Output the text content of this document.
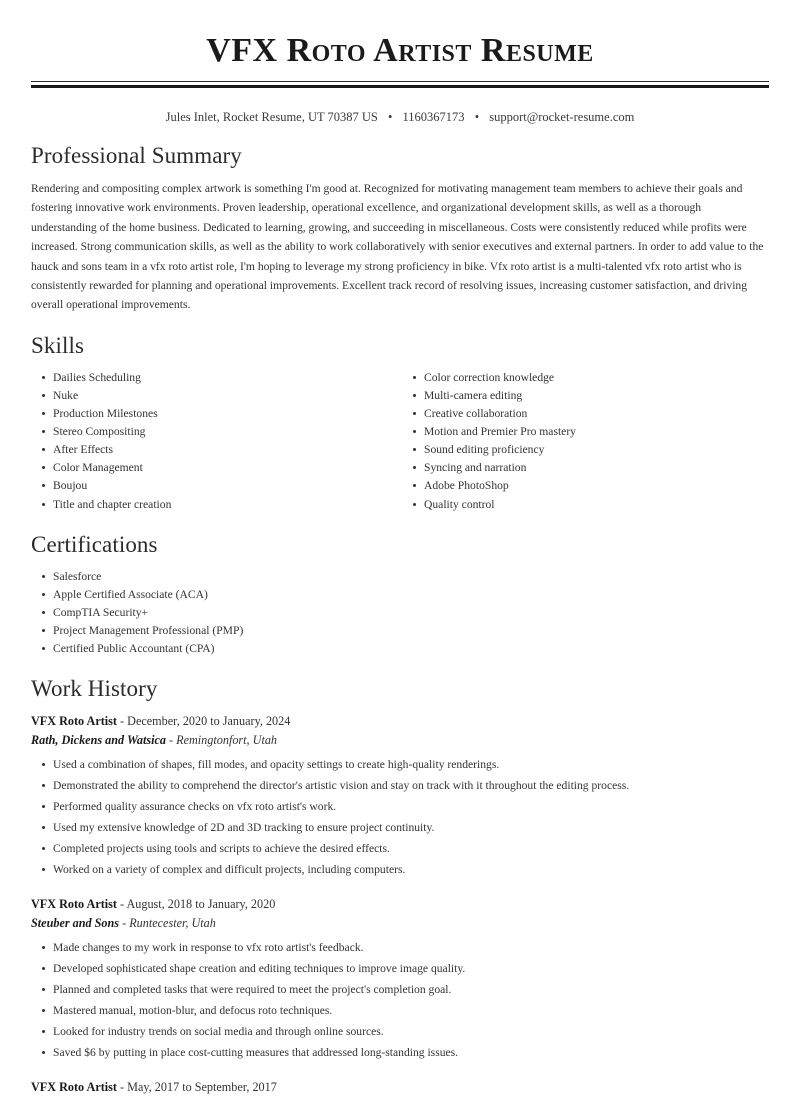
VFX Roto Artist Resume
Jules Inlet, Rocket Resume, UT 70387 US • 1160367173 • support@rocket-resume.com
Professional Summary

Rendering and compositing complex artwork is something I'm good at. Recognized for motivating management team members to achieve their goals and fostering innovative work environments. Proven leadership, operational excellence, and organizational development skills, as well as a thorough understanding of the home business. Dedicated to learning, growing, and succeeding in miscellaneous. Costs were consistently reduced while profits were increased. Strong communication skills, as well as the ability to work collaboratively with senior executives and external partners. In order to add value to the hauck and sons team in a vfx roto artist role, I'm hoping to leverage my strong proficiency in bike. Vfx roto artist is a multi-talented vfx roto artist who is consistently rewarded for planning and operational improvements. Excellent track record of resolving issues, increasing customer satisfaction, and driving overall operational improvements.

Skills
Dailies Scheduling
Nuke
Production Milestones
Stereo Compositing
After Effects
Color Management
Boujou
Title and chapter creation
Color correction knowledge
Multi-camera editing
Creative collaboration
Motion and Premier Pro mastery
Sound editing proficiency
Syncing and narration
Adobe PhotoShop
Quality control
Certifications
Salesforce
Apple Certified Associate (ACA)
CompTIA Security+
Project Management Professional (PMP)
Certified Public Accountant (CPA)
Work History
VFX Roto Artist - December, 2020 to January, 2024
Rath, Dickens and Watsica - Remingtonfort, Utah
Used a combination of shapes, fill modes, and opacity settings to create high-quality renderings.
Demonstrated the ability to comprehend the director's artistic vision and stay on track with it throughout the editing process.
Performed quality assurance checks on vfx roto artist's work.
Used my extensive knowledge of 2D and 3D tracking to ensure project continuity.
Completed projects using tools and scripts to achieve the desired effects.
Worked on a variety of complex and difficult projects, including computers.
VFX Roto Artist - August, 2018 to January, 2020
Steuber and Sons - Runtecester, Utah
Made changes to my work in response to vfx roto artist's feedback.
Developed sophisticated shape creation and editing techniques to improve image quality.
Planned and completed tasks that were required to meet the project's completion goal.
Mastered manual, motion-blur, and defocus roto techniques.
Looked for industry trends on social media and through online sources.
Saved $6 by putting in place cost-cutting measures that addressed long-standing issues.
VFX Roto Artist - May, 2017 to September, 2017
